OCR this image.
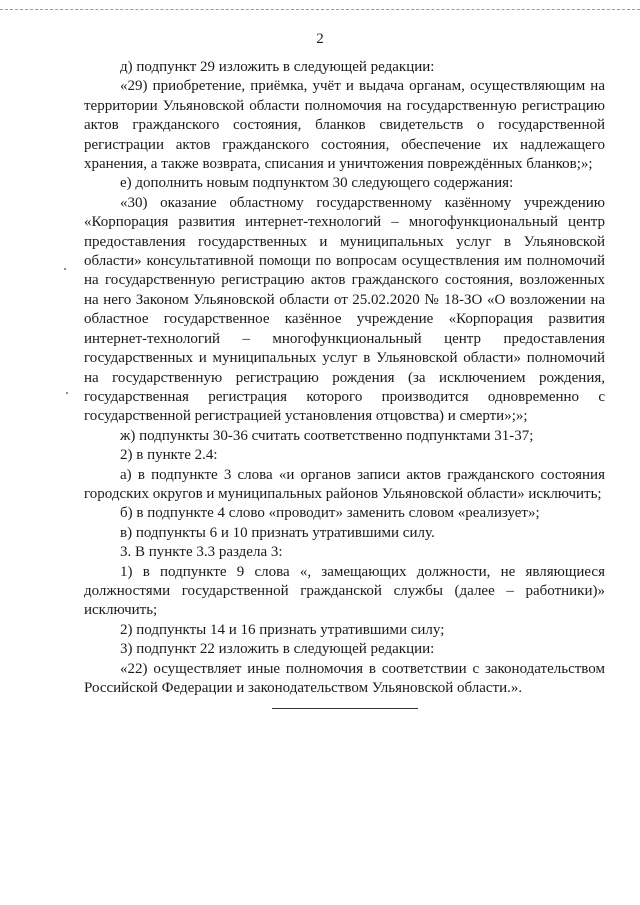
2

д) подпункт 29 изложить в следующей редакции:

«29) приобретение, приёмка, учёт и выдача органам, осуществляющим на территории Ульяновской области полномочия на государственную регистрацию актов гражданского состояния, бланков свидетельств о государственной регистрации актов гражданского состояния, обеспечение их надлежащего хранения, а также возврата, списания и уничтожения повреждённых бланков;»;

е) дополнить новым подпунктом 30 следующего содержания:

«30) оказание областному государственному казённому учреждению «Корпорация развития интернет-технологий – многофункциональный центр предоставления государственных и муниципальных услуг в Ульяновской области» консультативной помощи по вопросам осуществления им полномочий на государственную регистрацию актов гражданского состояния, возложенных на него Законом Ульяновской области от 25.02.2020 № 18-ЗО «О возложении на областное государственное казённое учреждение «Корпорация развития интернет-технологий – многофункциональный центр предоставления государственных и муниципальных услуг в Ульяновской области» полномочий на государственную регистрацию рождения (за исключением рождения, государственная регистрация которого производится одновременно с государственной регистрацией установления отцовства) и смерти»;»;

ж) подпункты 30-36 считать соответственно подпунктами 31-37;

2) в пункте 2.4:

а) в подпункте 3 слова «и органов записи актов гражданского состояния городских округов и муниципальных районов Ульяновской области» исключить;

б) в подпункте 4 слово «проводит» заменить словом «реализует»;

в) подпункты 6 и 10 признать утратившими силу.

3. В пункте 3.3 раздела 3:

1) в подпункте 9 слова «, замещающих должности, не являющиеся должностями государственной гражданской службы (далее – работники)» исключить;

2) подпункты 14 и 16 признать утратившими силу;

3) подпункт 22 изложить в следующей редакции:

«22) осуществляет иные полномочия в соответствии с законодательством Российской Федерации и законодательством Ульяновской области.».
